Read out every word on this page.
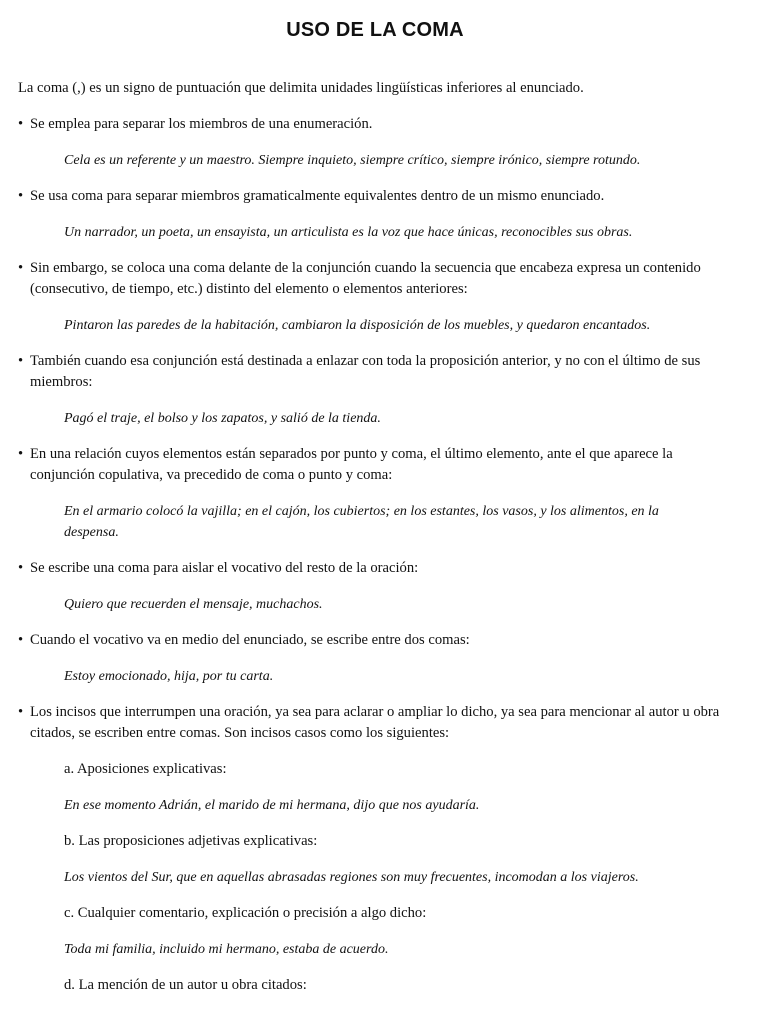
USO DE LA COMA

La coma (,) es un signo de puntuación que delimita unidades lingüísticas inferiores al enunciado.

• Se emplea para separar los miembros de una enumeración.

Cela es un referente y un maestro. Siempre inquieto, siempre crítico, siempre irónico, siempre rotundo.

• Se usa coma para separar miembros gramaticalmente equivalentes dentro de un mismo enunciado.

Un narrador, un poeta, un ensayista, un articulista es la voz que hace únicas, reconocibles sus obras.

• Sin embargo, se coloca una coma delante de la conjunción cuando la secuencia que encabeza expresa un contenido (consecutivo, de tiempo, etc.) distinto del elemento o elementos anteriores:

Pintaron las paredes de la habitación, cambiaron la disposición de los muebles, y quedaron encantados.

• También cuando esa conjunción está destinada a enlazar con toda la proposición anterior, y no con el último de sus miembros:

Pagó el traje, el bolso y los zapatos, y salió de la tienda.

• En una relación cuyos elementos están separados por punto y coma, el último elemento, ante el que aparece la conjunción copulativa, va precedido de coma o punto y coma:

En el armario colocó la vajilla; en el cajón, los cubiertos; en los estantes, los vasos, y los alimentos, en la despensa.

• Se escribe una coma para aislar el vocativo del resto de la oración:

Quiero que recuerden el mensaje, muchachos.

• Cuando el vocativo va en medio del enunciado, se escribe entre dos comas:

Estoy emocionado, hija, por tu carta.

• Los incisos que interrumpen una oración, ya sea para aclarar o ampliar lo dicho, ya sea para mencionar al autor u obra citados, se escriben entre comas. Son incisos casos como los siguientes:

a. Aposiciones explicativas:

En ese momento Adrián, el marido de mi hermana, dijo que nos ayudaría.

b. Las proposiciones adjetivas explicativas:

Los vientos del Sur, que en aquellas abrasadas regiones son muy frecuentes, incomodan a los viajeros.

c. Cualquier comentario, explicación o precisión a algo dicho:

Toda mi familia, incluido mi hermano, estaba de acuerdo.

d. La mención de un autor u obra citados:
